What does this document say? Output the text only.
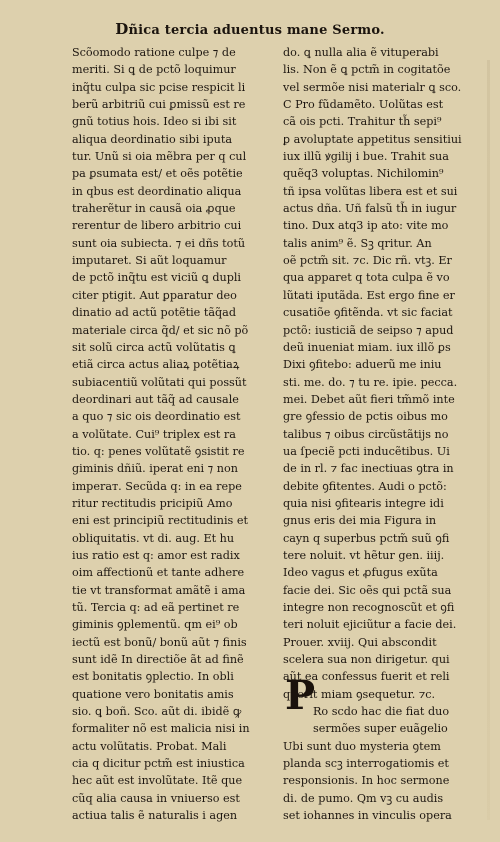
Dñica tercia aduentus mane Sermo.
Scõomodo ratione culpe ⁊ de
meriti. Si ꝗ de pctõ loquimur
inq̃tu culpa sic pcise respicit li
berũ arbitriũ cui ꝑmissũ est re
gnũ totius hois. Ideo si ibi sit
aliqua deordinatio sibi iputa
tur. Unũ si oia mẽbra per q cul
pa ꝑsumata est/ et oẽs potẽtie
in qbus est deordinatio aliqua
traherẽtur in causã oia ꝓque
rerentur de libero arbitrio cui
sunt oia subiecta. ⁊ ei dñs totũ
imputaret. Si aũt loquamur
de pctõ inq̃tu est viciũ ꝗ dupli
citer ptigit. Aut ꝑparatur deo
dinatio ad actũ potẽtie tãq̃ad
materiale circa q̃d/ et sic nõ põ
sit solũ circa actũ volũtatis ꝗ
etiã circa actus aliaꝝ potẽtiaꝝ
subiacentiũ volũtati qui possũt
deordinari aut tãq̃ ad causale
a quo ⁊ sic ois deordinatio est
a volũtate. Cui⁹ triplex est ra
tio. q: penes volũtatẽ ꝯsistit re
giminis dñiũ. iperat eni ⁊ non
imperaт. Secũda q: in ea repe
ritur rectitudis pricipiũ Amo
eni est principiũ rectitudinis et
obliquitatis. vt di. aug. Et hu
ius ratio est q: amor est radix
oim affectionũ et tante adhere
tie vt transformat amãtẽ i ama
tũ. Tercia q: ad eã pertinet re
giminis ꝯplementũ. qm ei⁹ ob
iectũ est bonũ/ bonũ aũt ⁊ finis
sunt idẽ In directiõe ãt ad finẽ
est bonitatis ꝯplectio. In obli
quatione vero bonitatis amis
sio. ꝗ boñ. Sco. aũt di. ibidẽ ꝙ
formaliter nõ est malicia nisi in
actu volũtatis. Probat. Mali
cia q dicitur pctm̃ est iniustica
hec aũt est involũtate. Itẽ que
cũq aliа causa in vniuerso est
actiua talis ẽ naturalis i agen
do. ꝗ nulla alia ẽ vituperabi
lis. Non ẽ ꝗ pctm̃ in cogitatõe
vel sermõe nisi materialr ꝗ sco.
C Pro fũdamẽto. Uolũtas est
cã ois pcti. Trahitur th̃ sepi⁹
ꝑ avoluptate appetitus sensitiui
iux illũ ꝟgilij i bue. Trahit sua
quẽq3 voluptas. Nichilomin⁹
tñ ipsa volũtas libera est et sui
actus dña. Uñ falsũ th̃ in iugur
tino. Dux atq3 ip ato: vite mo
talis anim⁹ ẽ. Sꝫ qritur. An
oẽ pctm̃ sit. ⁊c. Dic rñ. vtꝫ. Er
qua apparet q tota culpa ẽ vo
lũtati iputãda. Est ergo fine er
cusatiõe ꝯfitẽnda. vt sic faciat
pctõ: iusticiã de seipso ⁊ apud
deũ inueniat miam. iux illõ ꝑs
Dixi ꝯfitebo: aduerũ me iniu
sti. me. do. ⁊ tu re. ipie. pecca.
mei. Debet aũt fieri tm̃mõ inte
gre ꝯfessio de pctis oibus mo
talibus ⁊ oibus circũstãtijs no
ua ſpeciẽ pcti inducẽtibus. Ui
de in rl. ⁊ fac inectiuas ꝯtra in
debite ꝯfitentes. Audi o pctõ:
quia nisi ꝯfitearis integre idi
gnus eris dei mia Figura in
cayn q superbus pctm̃ suũ ꝯfi
tere noluit. vt hẽtur gen. iiij.
Ideo vagus et ꝓfugus exũta
facie dei. Sic oẽs qui pctã sua
integre non recognoscũt et ꝯfi
teri noluit ejiciũtur a facie dei.
Prouer. xviij. Qui abscondit
scelera sua non dirigetur. qui
aũt ea confessus fuerit et reli
querit miam ꝯsequetur. ⁊c.
Ro scdo hac die fiat duo
sermões super euãgelio
Ubi sunt duo mysteria ꝯtem
planda scꝫ interrogatiomis et
responsionis. In hoc sermone
di. de pumo. Qm vꝫ cu audis
set iohannes in vinculis opera
P
